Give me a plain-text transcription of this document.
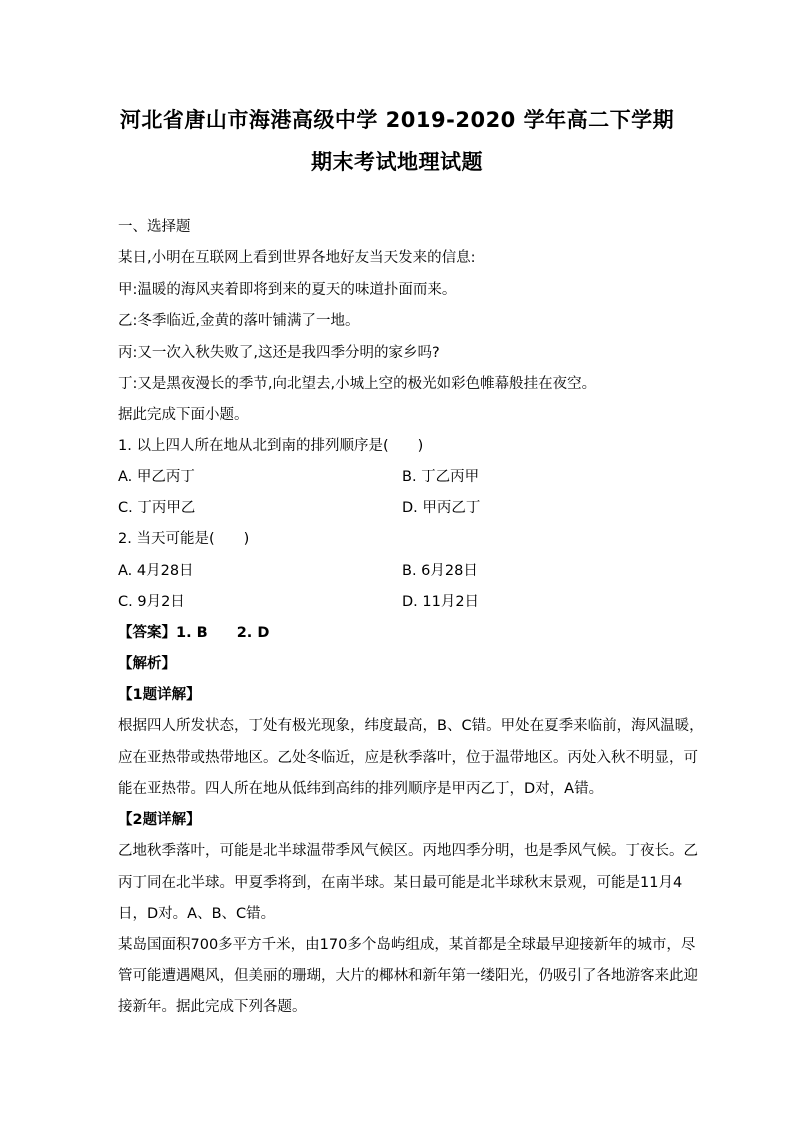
河北省唐山市海港高级中学 2019-2020 学年高二下学期
期末考试地理试题
一、选择题
某日,小明在互联网上看到世界各地好友当天发来的信息:
甲:温暖的海风夹着即将到来的夏天的味道扑面而来。
乙:冬季临近,金黄的落叶铺满了一地。
丙:又一次入秋失败了,这还是我四季分明的家乡吗?
丁:又是黑夜漫长的季节,向北望去,小城上空的极光如彩色帷幕般挂在夜空。
据此完成下面小题。
1. 以上四人所在地从北到南的排列顺序是(　　)
A. 甲乙丙丁	B. 丁乙丙甲
C. 丁丙甲乙	D. 甲丙乙丁
2. 当天可能是(　　)
A. 4月28日	B. 6月28日
C. 9月2日	D. 11月2日
【答案】1. B　　2. D
【解析】
【1题详解】
根据四人所发状态，丁处有极光现象，纬度最高，B、C错。甲处在夏季来临前，海风温暖，
应在亚热带或热带地区。乙处冬临近，应是秋季落叶，位于温带地区。丙处入秋不明显，可
能在亚热带。四人所在地从低纬到高纬的排列顺序是甲丙乙丁，D对，A错。
【2题详解】
乙地秋季落叶，可能是北半球温带季风气候区。丙地四季分明，也是季风气候。丁夜长。乙
丙丁同在北半球。甲夏季将到，在南半球。某日最可能是北半球秋末景观，可能是11月4
日，D对。A、B、C错。
某岛国面积700多平方千米，由170多个岛屿组成，某首都是全球最早迎接新年的城市，尽
管可能遭遇飓风，但美丽的珊瑚，大片的椰林和新年第一缕阳光，仍吸引了各地游客来此迎
接新年。据此完成下列各题。
